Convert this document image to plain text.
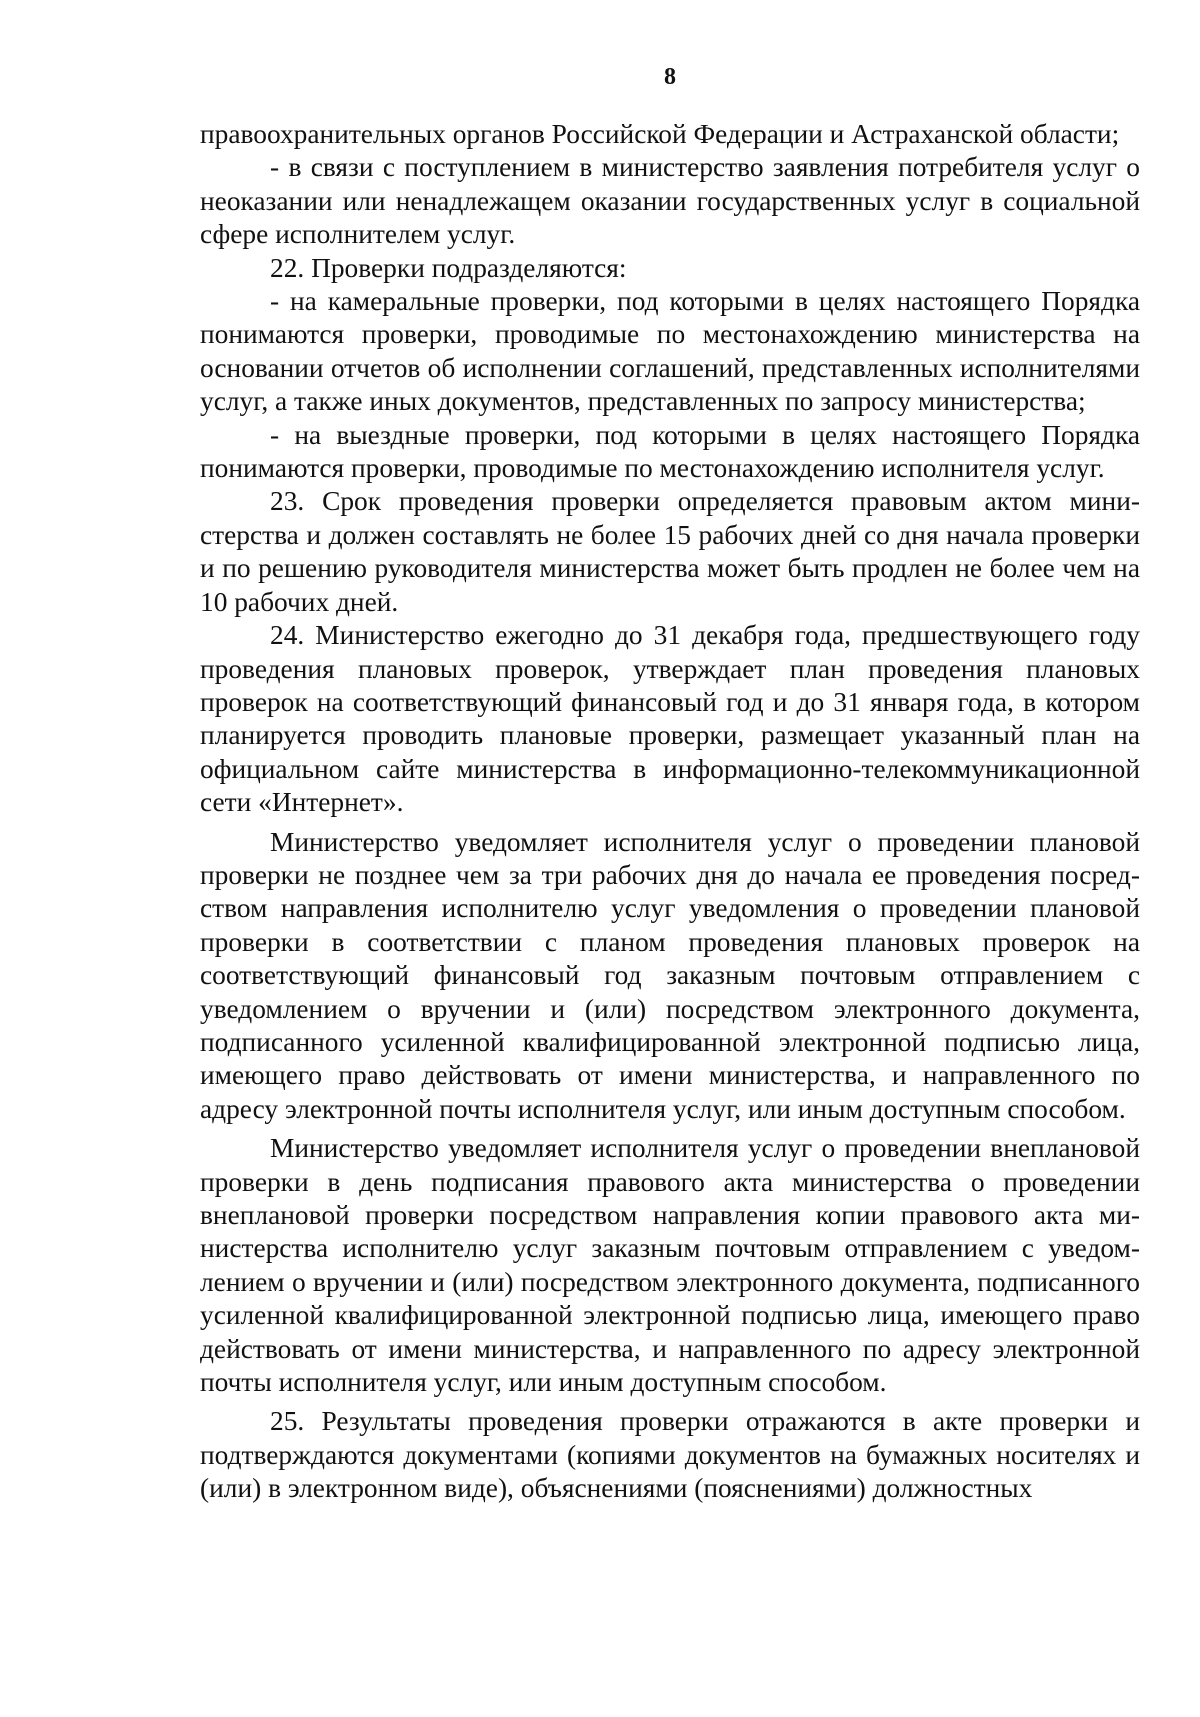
8

правоохранительных органов Российской Федерации и Астраханской области;

- в связи с поступлением в министерство заявления потребителя услуг о неоказании или ненадлежащем оказании государственных услуг в социальной сфере исполнителем услуг.

22. Проверки подразделяются:

- на камеральные проверки, под которыми в целях настоящего Порядка понимаются проверки, проводимые по местонахождению министерства на основании отчетов об исполнении соглашений, представленных исполнителями услуг, а также иных документов, представленных по запросу министерства;

- на выездные проверки, под которыми в целях настоящего Порядка понимаются проверки, проводимые по местонахождению исполнителя услуг.

23. Срок проведения проверки определяется правовым актом министерства и должен составлять не более 15 рабочих дней со дня начала проверки и по решению руководителя министерства может быть продлен не более чем на 10 рабочих дней.

24. Министерство ежегодно до 31 декабря года, предшествующего году проведения плановых проверок, утверждает план проведения плановых проверок на соответствующий финансовый год и до 31 января года, в котором планируется проводить плановые проверки, размещает указанный план на официальном сайте министерства в информационно-телекоммуникационной сети «Интернет».

Министерство уведомляет исполнителя услуг о проведении плановой проверки не позднее чем за три рабочих дня до начала ее проведения посредством направления исполнителю услуг уведомления о проведении плановой проверки в соответствии с планом проведения плановых проверок на соответствующий финансовый год заказным почтовым отправлением с уведомлением о вручении и (или) посредством электронного документа, подписанного усиленной квалифицированной электронной подписью лица, имеющего право действовать от имени министерства, и направленного по адресу электронной почты исполнителя услуг, или иным доступным способом.

Министерство уведомляет исполнителя услуг о проведении внеплановой проверки в день подписания правового акта министерства о проведении внеплановой проверки посредством направления копии правового акта министерства исполнителю услуг заказным почтовым отправлением с уведомлением о вручении и (или) посредством электронного документа, подписанного усиленной квалифицированной электронной подписью лица, имеющего право действовать от имени министерства, и направленного по адресу электронной почты исполнителя услуг, или иным доступным способом.

25. Результаты проведения проверки отражаются в акте проверки и подтверждаются документами (копиями документов на бумажных носителях и (или) в электронном виде), объяснениями (пояснениями) должностных
